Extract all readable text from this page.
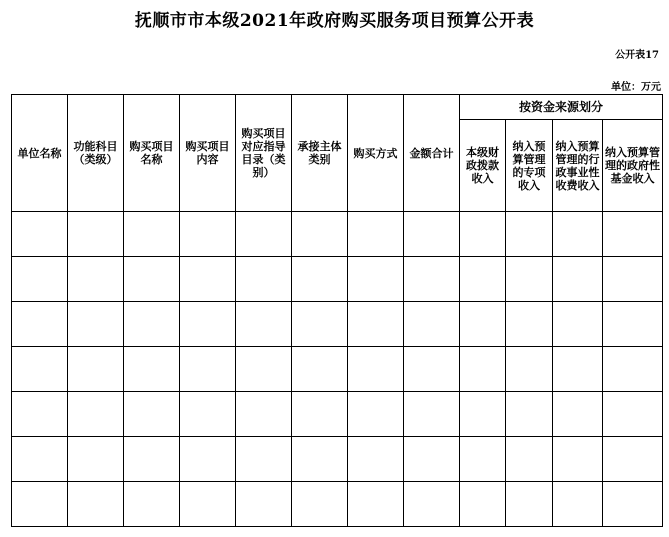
抚顺市市本级2021年政府购买服务项目预算公开表
公开表17
单位：万元
单位名称	功能科目（类级）	购买项目名称	购买项目内容	购买项目对应指导目录（类别）	承接主体类别	购买方式	金额合计	按资金来源划分			
								本级财政拨款收入	纳入预算管理的专项收入	纳入预算管理的行政事业性收费收入	纳入预算管理的政府性基金收入
